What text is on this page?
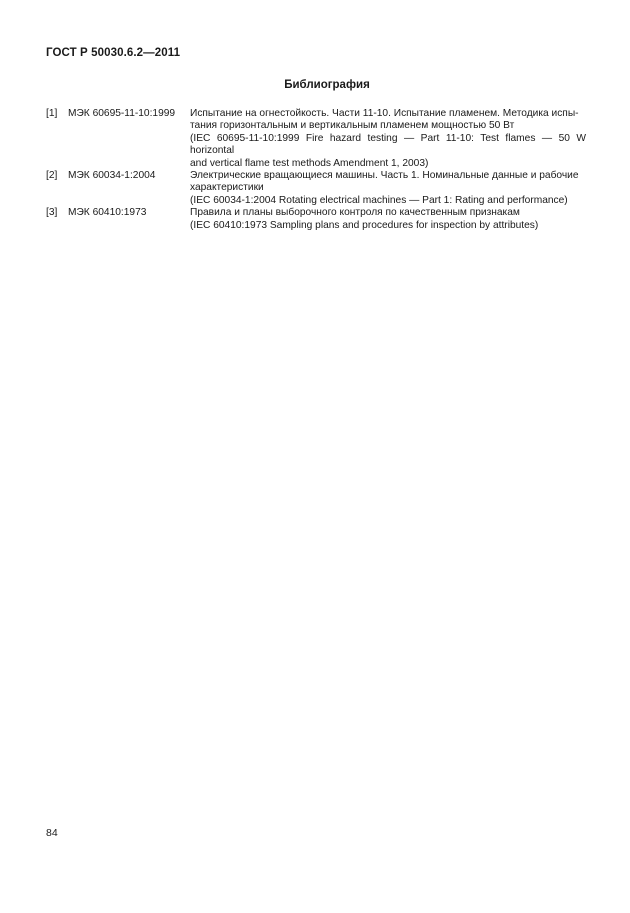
ГОСТ Р 50030.6.2—2011
Библиография
[1]	МЭК 60695-11-10:1999	Испытание на огнестойкость. Части 11-10. Испытание пламенем. Методика испы-
тания горизонтальным и вертикальным пламенем мощностью 50 Вт
(IEC 60695-11-10:1999 Fire hazard testing — Part 11-10: Test flames — 50 W horizontal
and vertical flame test methods Amendment 1, 2003)
[2]	МЭК 60034-1:2004	Электрические вращающиеся машины. Часть 1. Номинальные данные и рабочие
характеристики
(IEC 60034-1:2004 Rotating electrical machines — Part 1: Rating and performance)
[3]	МЭК 60410:1973	Правила и планы выборочного контроля по качественным признакам
(IEC 60410:1973 Sampling plans and procedures for inspection by attributes)
84
